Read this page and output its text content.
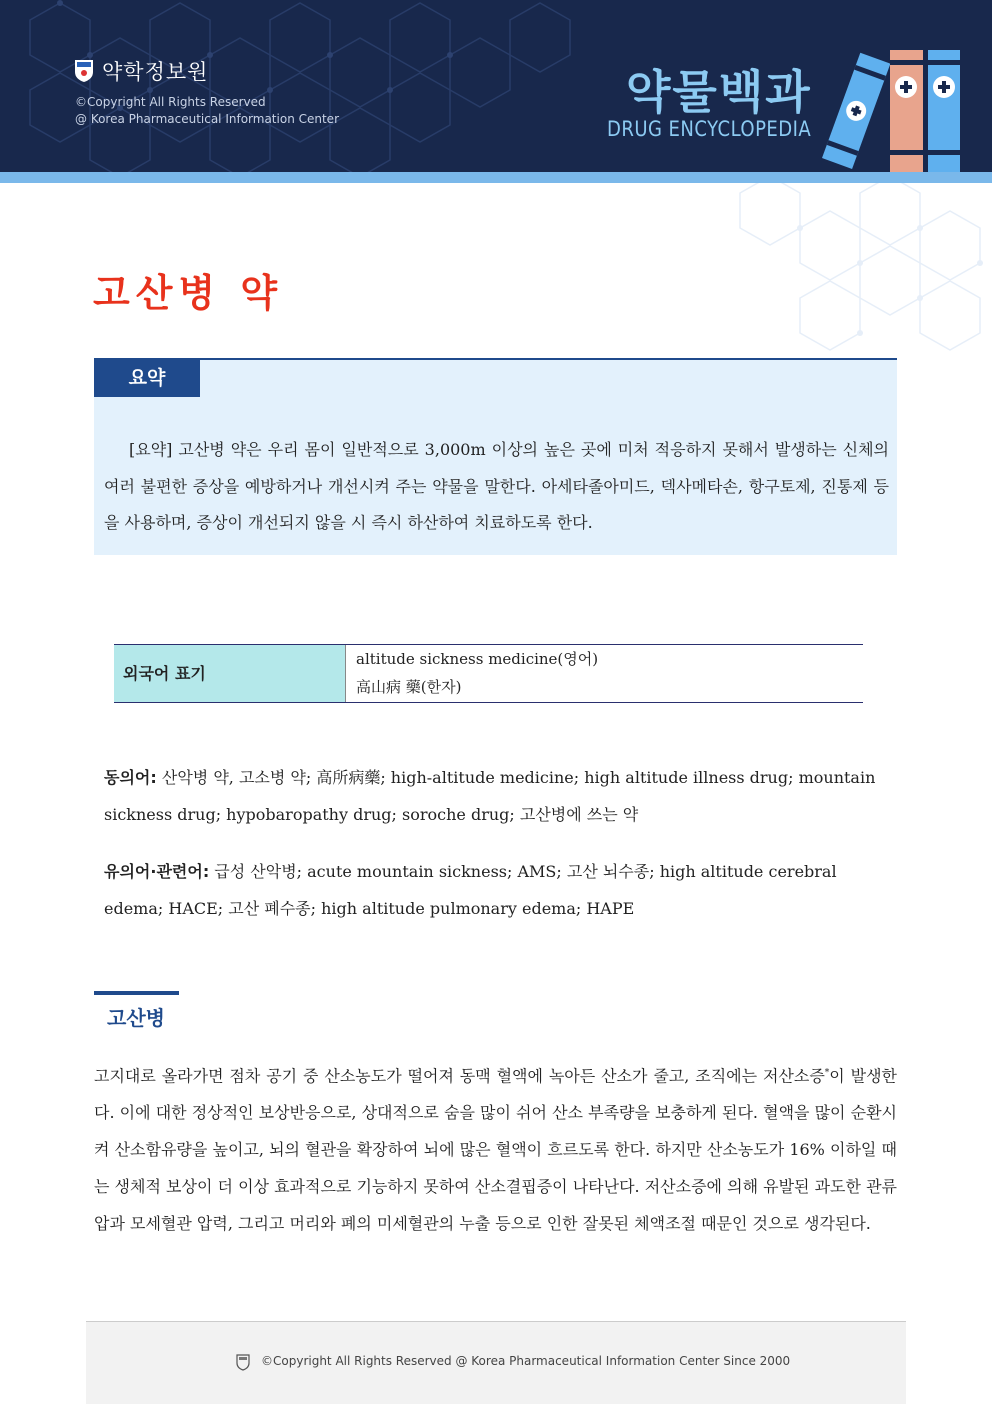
약학정보원
©Copyright All Rights Reserved
@ Korea Pharmaceutical Information Center	약물백과
DRUG ENCYCLOPEDIA
고산병 약
요약
[요약] 고산병 약은 우리 몸이 일반적으로 3,000m 이상의 높은 곳에 미처 적응하지 못해서 발생하는 신체의 여러 불편한 증상을 예방하거나 개선시켜 주는 약물을 말한다. 아세타졸아미드, 덱사메타손, 항구토제, 진통제 등을 사용하며, 증상이 개선되지 않을 시 즉시 하산하여 치료하도록 한다.
외국어 표기
altitude sickness medicine(영어)
高山病 藥(한자)
동의어: 산악병 약, 고소병 약; 高所病藥; high-altitude medicine; high altitude illness drug; mountain sickness drug; hypobaropathy drug; soroche drug; 고산병에 쓰는 약
유의어·관련어: 급성 산악병; acute mountain sickness; AMS; 고산 뇌수종; high altitude cerebral edema; HACE; 고산 폐수종; high altitude pulmonary edema; HAPE
고산병
고지대로 올라가면 점차 공기 중 산소농도가 떨어져 동맥 혈액에 녹아든 산소가 줄고, 조직에는 저산소증*이 발생한다. 이에 대한 정상적인 보상반응으로, 상대적으로 숨을 많이 쉬어 산소 부족량을 보충하게 된다. 혈액을 많이 순환시켜 산소함유량을 높이고, 뇌의 혈관을 확장하여 뇌에 많은 혈액이 흐르도록 한다. 하지만 산소농도가 16% 이하일 때는 생체적 보상이 더 이상 효과적으로 기능하지 못하여 산소결핍증이 나타난다. 저산소증에 의해 유발된 과도한 관류압과 모세혈관 압력, 그리고 머리와 폐의 미세혈관의 누출 등으로 인한 잘못된 체액조절 때문인 것으로 생각된다.
©Copyright All Rights Reserved @ Korea Pharmaceutical Information Center Since 2000
